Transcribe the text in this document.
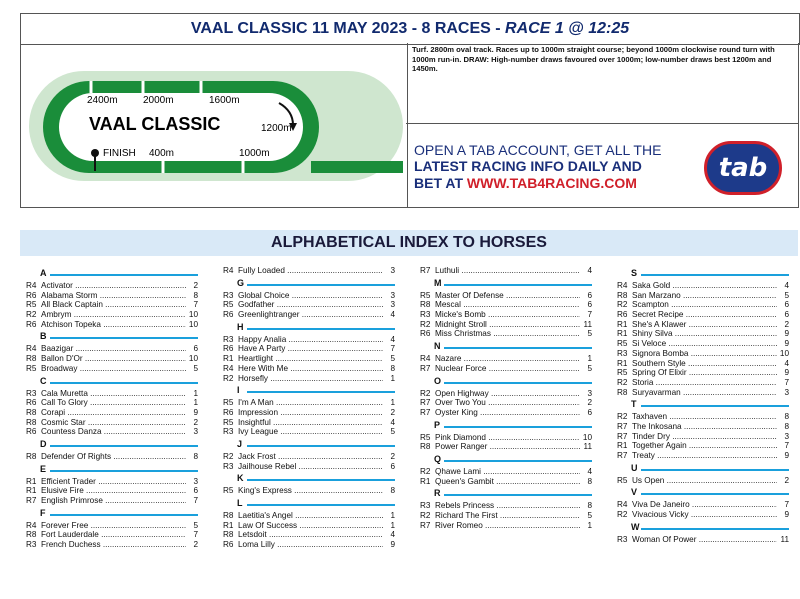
VAAL CLASSIC 11 MAY 2023 - 8 RACES - RACE 1 @ 12:25
2400m	2000m	1600m
1200m
400m	1000m
VAAL CLASSIC
FINISH

Turf. 2800m oval track. Races up to 1000m straight course; beyond 1000m clockwise round turn with 1000m run-in. DRAW: High-number draws favoured over 1000m; low-number draws best 1200m and 1450m.

OPEN A TAB ACCOUNT, GET ALL THE
LATEST RACING INFO DAILY AND
BET AT WWW.TAB4RACING.COM	tab
ALPHABETICAL INDEX TO HORSES
A
R4 Activator .....	2
R6 Alabama Storm .....	8
R5 All Black Captain .....	7
R2 Ambrym .....	10
R6 Atchison Topeka .....	10
B
R4 Baazigar .....	6
R8 Ballon D'Or .....	10
R5 Broadway .....	5
C
R3 Cala Muretta .....	1
R6 Call To Glory .....	1
R8 Corapi .....	9
R8 Cosmic Star .....	2
R6 Countess Danza .....	3
D
R8 Defender Of Rights .....	8
E
R1 Efficient Trader .....	3
R1 Elusive Fire .....	6
R7 English Primrose .....	7
F
R4 Forever Free .....	5
R8 Fort Lauderdale .....	7
R3 French Duchess .....	2
R4 Fully Loaded .....	3
G
R3 Global Choice .....	3
R5 Godfather .....	3
R6 Greenlightranger .....	4
H
R3 Happy Analia .....	4
R6 Have A Party .....	7
R1 Heartlight .....	5
R4 Here With Me .....	8
R2 Horsefly .....	1
I
R5 I'm A Man .....	1
R6 Impression .....	2
R5 Insightful .....	4
R3 Ivy League .....	5
J
R2 Jack Frost .....	2
R3 Jailhouse Rebel .....	6
K
R5 King's Express .....	8
L
R8 Laetitia's Angel .....	1
R1 Law Of Success .....	1
R8 Letsdoit .....	4
R6 Loma Lilly .....	9
R7 Luthuli .....	4
M
R5 Master Of Defense .....	6
R8 Mescal .....	6
R3 Micke's Bomb .....	7
R2 Midnight Stroll .....	11
R6 Miss Christmas .....	5
N
R4 Nazare .....	1
R7 Nuclear Force .....	5
O
R2 Open Highway .....	3
R7 Over Two You .....	2
R7 Oyster King .....	6
P
R5 Pink Diamond .....	10
R8 Power Ranger .....	11
Q
R2 Qhawe Lami .....	4
R1 Queen's Gambit .....	8
R
R3 Rebels Princess .....	8
R2 Richard The First .....	5
R7 River Romeo .....	1
S
R4 Saka Gold .....	4
R8 San Marzano .....	5
R2 Scampton .....	6
R6 Secret Recipe .....	6
R1 She's A Klawer .....	2
R1 Shiny Silva .....	9
R5 Si Veloce .....	9
R3 Signora Bomba .....	10
R1 Southern Style .....	4
R5 Spring Of Elixir .....	9
R2 Storia .....	7
R8 Suryavarman .....	3
T
R2 Taxhaven .....	8
R7 The Inkosana .....	8
R7 Tinder Dry .....	3
R1 Together Again .....	7
R7 Treaty .....	9
U
R5 Us Open .....	2
V
R4 Viva De Janeiro .....	7
R2 Vivacious Vicky .....	9
W
R3 Woman Of Power .....	11
